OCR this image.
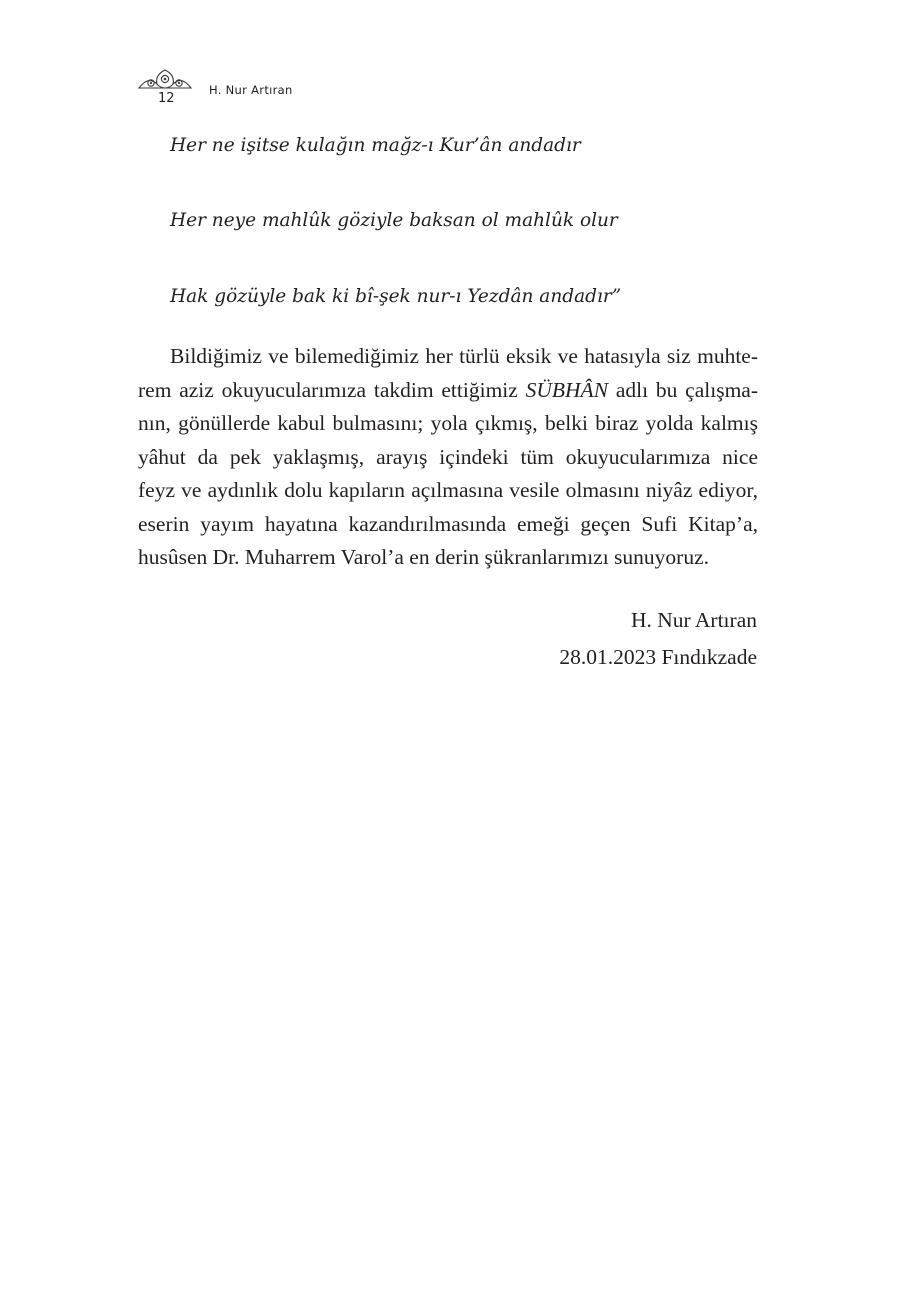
12
H. Nur Artıran
Her ne işitse kulağın mağz-ı Kur’ân andadır
Her neye mahlûk göziyle baksan ol mahlûk olur
Hak gözüyle bak ki bî-şek nur-ı Yezdân andadır”
Bildiğimiz ve bilemediğimiz her türlü eksik ve hatasıyla siz muhte-
rem aziz okuyucularımıza takdim ettiğimiz SÜBHÂN adlı bu çalışma-
nın, gönüllerde kabul bulmasını; yola çıkmış, belki biraz yolda kalmış
yâhut da pek yaklaşmış, arayış içindeki tüm okuyucularımıza nice
feyz ve aydınlık dolu kapıların açılmasına vesile olmasını niyâz ediyor,
eserin yayım hayatına kazandırılmasında emeği geçen Sufi Kitap’a,
husûsen Dr. Muharrem Varol’a en derin şükranlarımızı sunuyoruz.
H. Nur Artıran
28.01.2023 Fındıkzade
